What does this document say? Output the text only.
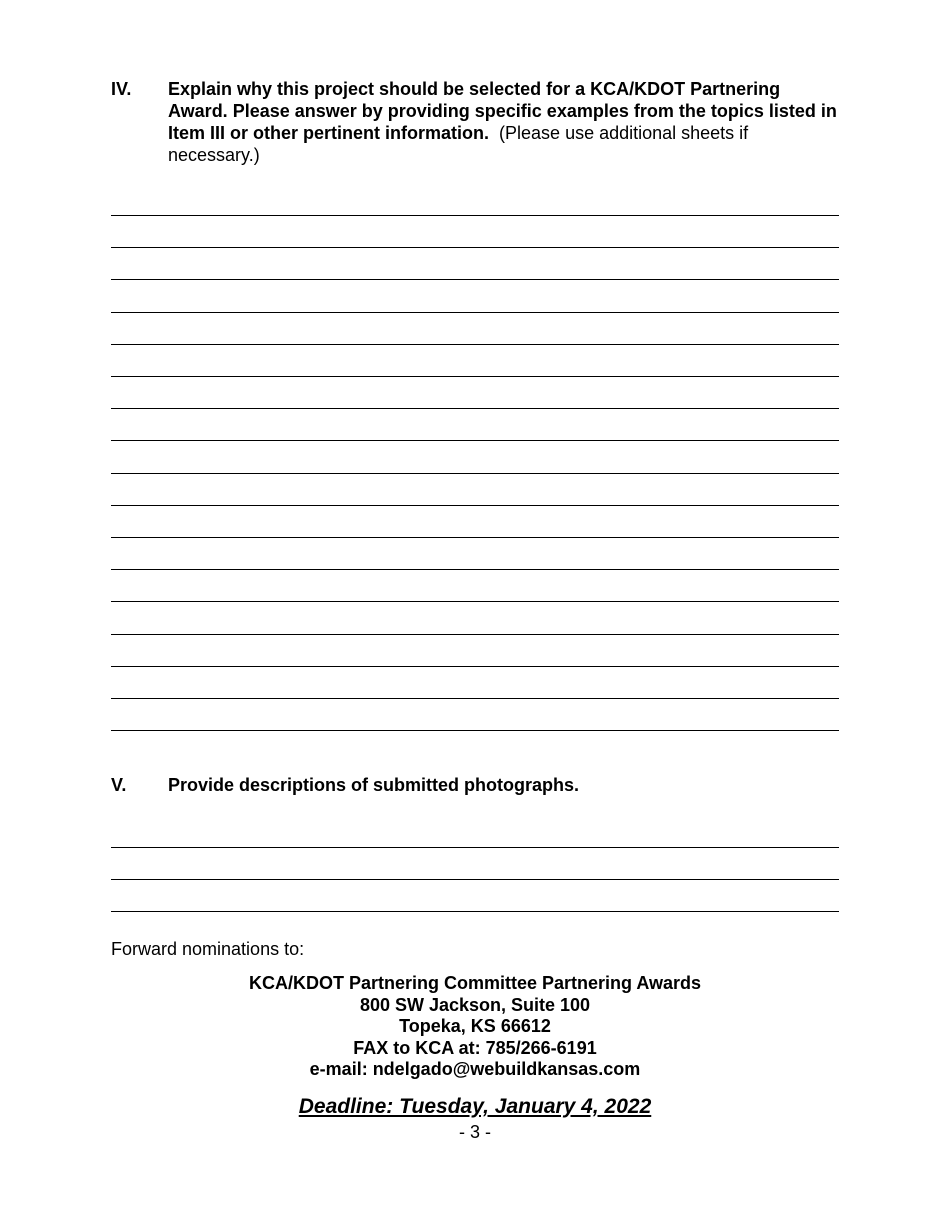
IV. Explain why this project should be selected for a KCA/KDOT Partnering Award. Please answer by providing specific examples from the topics listed in Item III or other pertinent information. (Please use additional sheets if necessary.)
V. Provide descriptions of submitted photographs.
Forward nominations to:
KCA/KDOT Partnering Committee Partnering Awards
800 SW Jackson, Suite 100
Topeka, KS 66612
FAX to KCA at: 785/266-6191
e-mail: ndelgado@webuildkansas.com
Deadline: Tuesday, January 4, 2022
- 3 -
